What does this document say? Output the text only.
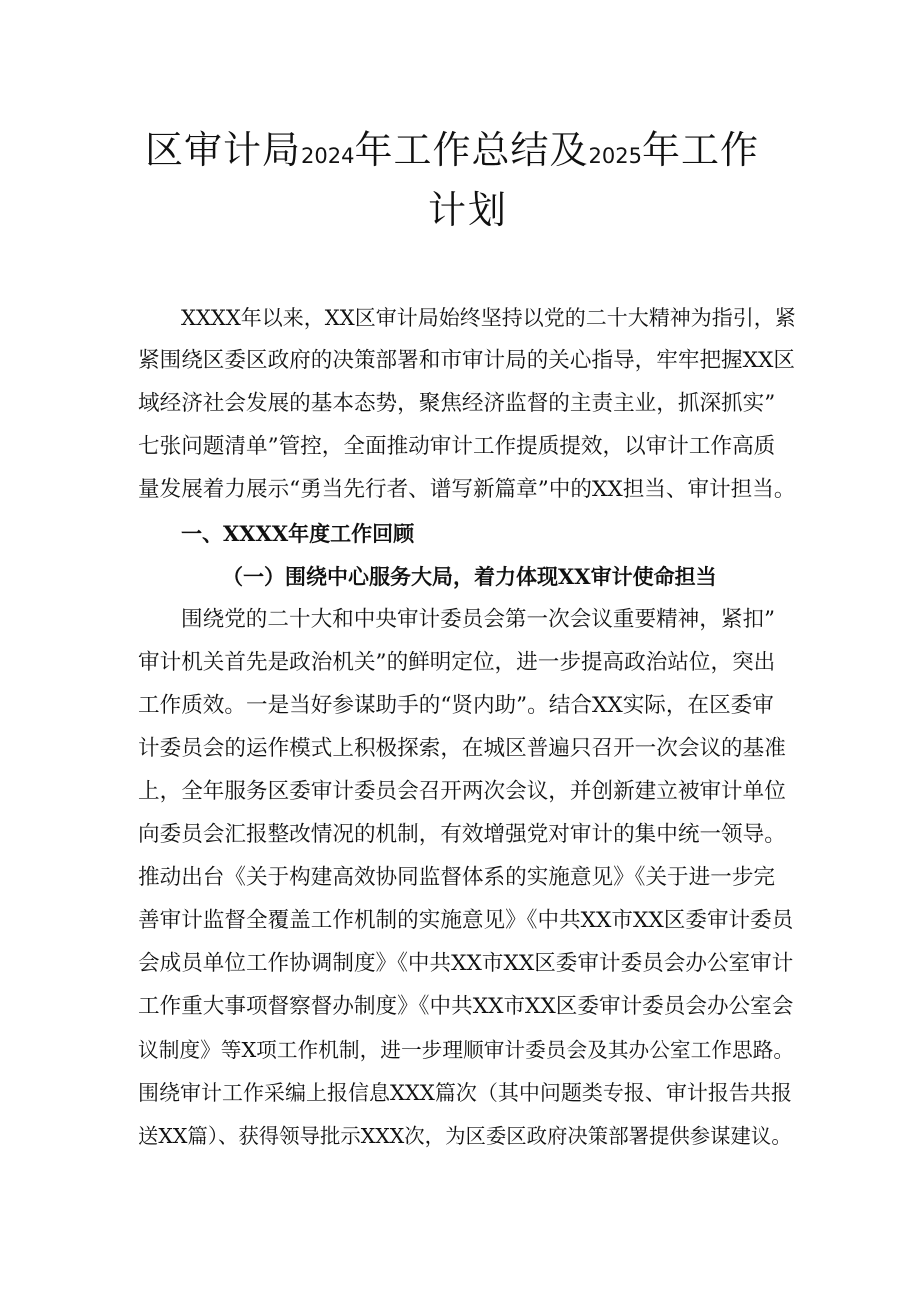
区审计局2024年工作总结及2025年工作
计划
XXXX年以来，XX区审计局始终坚持以党的二十大精神为指引，紧
紧围绕区委区政府的决策部署和市审计局的关心指导，牢牢把握XX区
域经济社会发展的基本态势，聚焦经济监督的主责主业，抓深抓实”
七张问题清单”管控，全面推动审计工作提质提效，以审计工作高质
量发展着力展示“勇当先行者、谱写新篇章”中的XX担当、审计担当。
一、XXXX年度工作回顾
（一）围绕中心服务大局，着力体现XX审计使命担当
围绕党的二十大和中央审计委员会第一次会议重要精神，紧扣”
审计机关首先是政治机关”的鲜明定位，进一步提高政治站位，突出
工作质效。一是当好参谋助手的“贤内助”。结合XX实际，在区委审
计委员会的运作模式上积极探索，在城区普遍只召开一次会议的基准
上，全年服务区委审计委员会召开两次会议，并创新建立被审计单位
向委员会汇报整改情况的机制，有效增强党对审计的集中统一领导。
推动出台《关于构建高效协同监督体系的实施意见》《关于进一步完
善审计监督全覆盖工作机制的实施意见》《中共XX市XX区委审计委员
会成员单位工作协调制度》《中共XX市XX区委审计委员会办公室审计
工作重大事项督察督办制度》《中共XX市XX区委审计委员会办公室会
议制度》等X项工作机制，进一步理顺审计委员会及其办公室工作思路。
围绕审计工作采编上报信息XXX篇次（其中问题类专报、审计报告共报
送XX篇）、获得领导批示XXX次，为区委区政府决策部署提供参谋建议。
